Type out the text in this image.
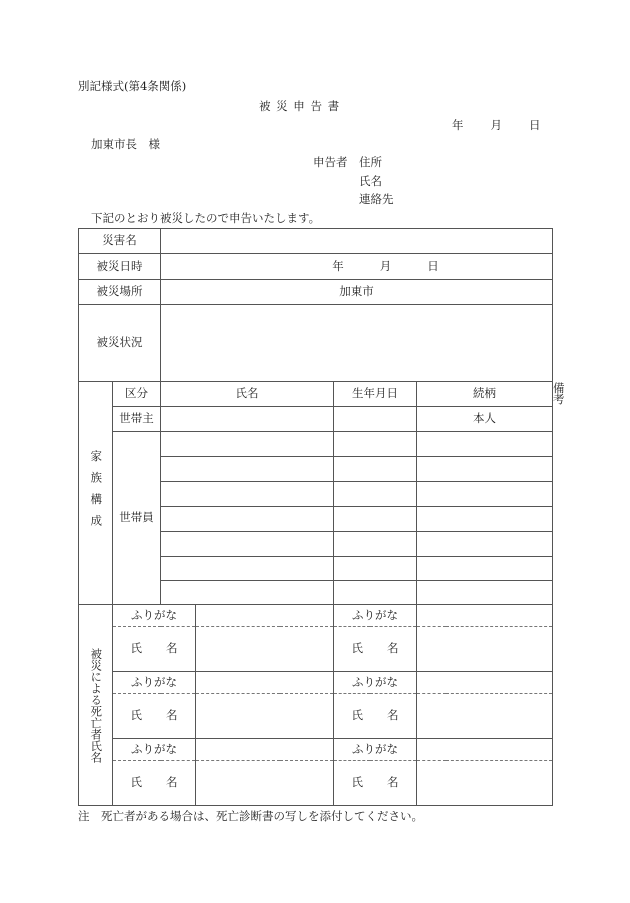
別記様式(第4条関係)
被 災 申 告 書
年 月 日
加東市長　様
申告者 住所
氏名
連絡先
下記のとおり被災したので申告いたします。
災害名						
被災日時		年 月 日				
被災場所		加東市				
被災状況						
家族構成	区分	氏名		生年月日	続柄	備考
	世帯主				本人	
	世帯員					

被災による死亡者氏名	ふりがな			ふりがな		
	氏 名			氏 名		
	ふりがな			ふりがな		
	氏 名			氏 名		
	ふりがな			ふりがな		
	氏 名			氏 名		
注　死亡者がある場合は、死亡診断書の写しを添付してください。
